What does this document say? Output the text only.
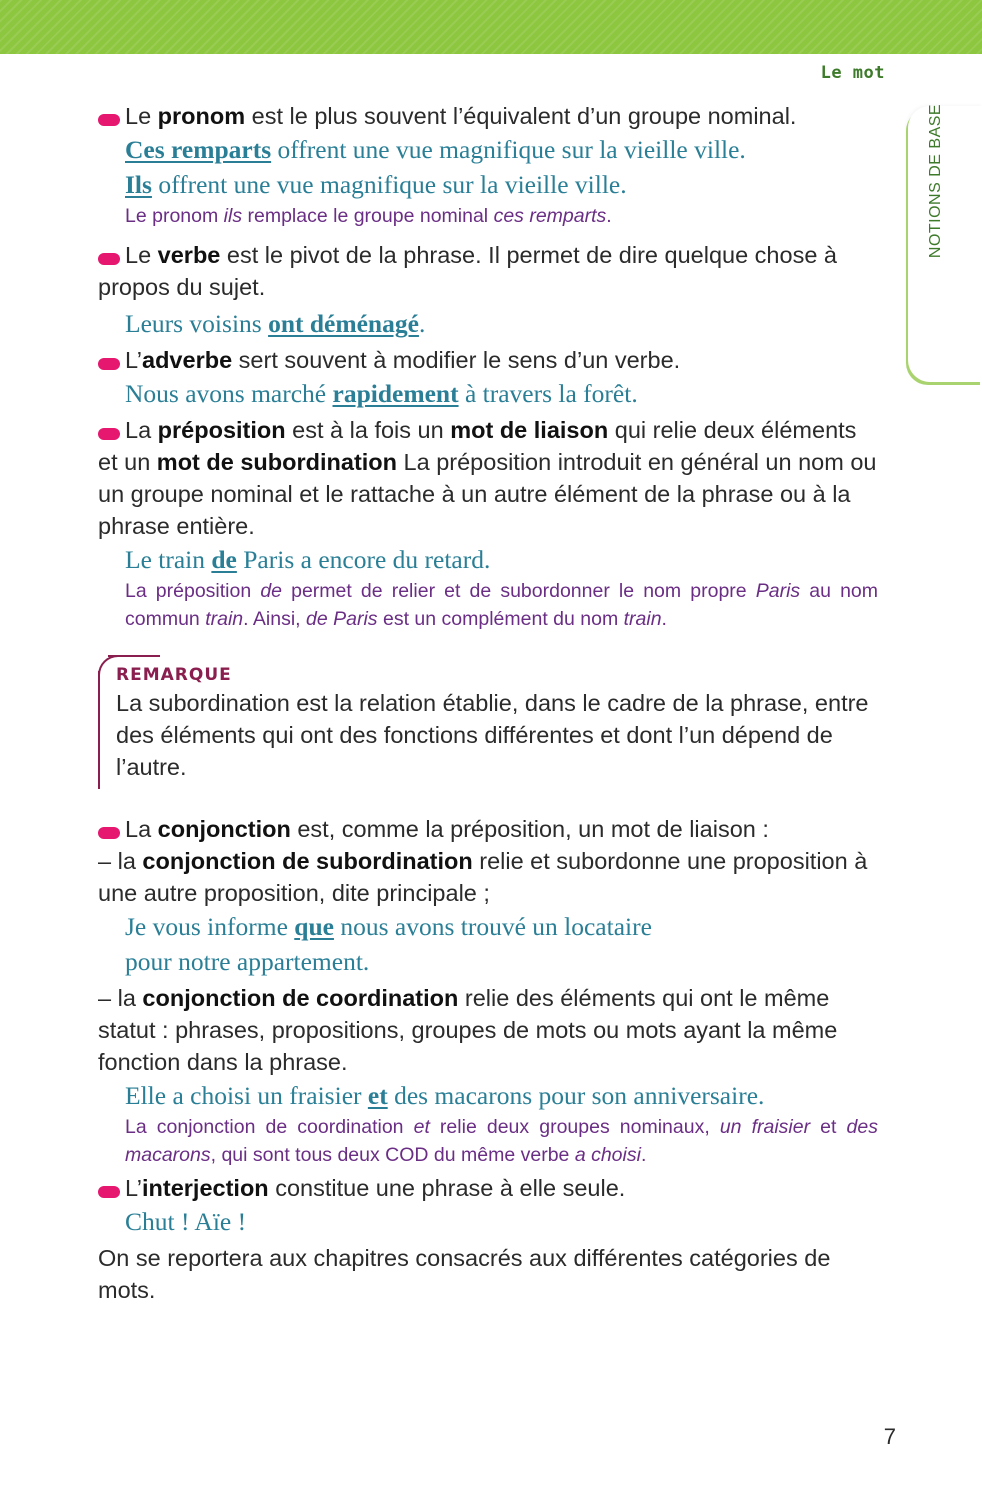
Le mot
NOTIONS DE BASE

Le pronom est le plus souvent l’équivalent d’un groupe nominal.

Ces remparts offrent une vue magnifique sur la vieille ville.

Ils offrent une vue magnifique sur la vieille ville.

Le pronom ils remplace le groupe nominal ces remparts.

Le verbe est le pivot de la phrase. Il permet de dire quelque chose à propos du sujet.

Leurs voisins ont déménagé.

L’adverbe sert souvent à modifier le sens d’un verbe.

Nous avons marché rapidement à travers la forêt.

La préposition est à la fois un mot de liaison qui relie deux éléments et un mot de subordination La préposition introduit en général un nom ou un groupe nominal et le rattache à un autre élément de la phrase ou à la phrase entière.

Le train de Paris a encore du retard.

La préposition de permet de relier et de subordonner le nom propre Paris au nom commun train. Ainsi, de Paris est un complément du nom train.

REMARQUE

La subordination est la relation établie, dans le cadre de la phrase, entre des éléments qui ont des fonctions différentes et dont l’un dépend de l’autre.

La conjonction est, comme la préposition, un mot de liaison :

– la conjonction de subordination relie et subordonne une proposition à une autre proposition, dite principale ;

Je vous informe que nous avons trouvé un locataire
pour notre appartement.

– la conjonction de coordination relie des éléments qui ont le même statut : phrases, propositions, groupes de mots ou mots ayant la même fonction dans la phrase.

Elle a choisi un fraisier et des macarons pour son anniversaire.

La conjonction de coordination et relie deux groupes nominaux, un fraisier et des macarons, qui sont tous deux COD du même verbe a choisi.

L’interjection constitue une phrase à elle seule.

Chut ! Aïe !

On se reportera aux chapitres consacrés aux différentes catégories de mots.

7
